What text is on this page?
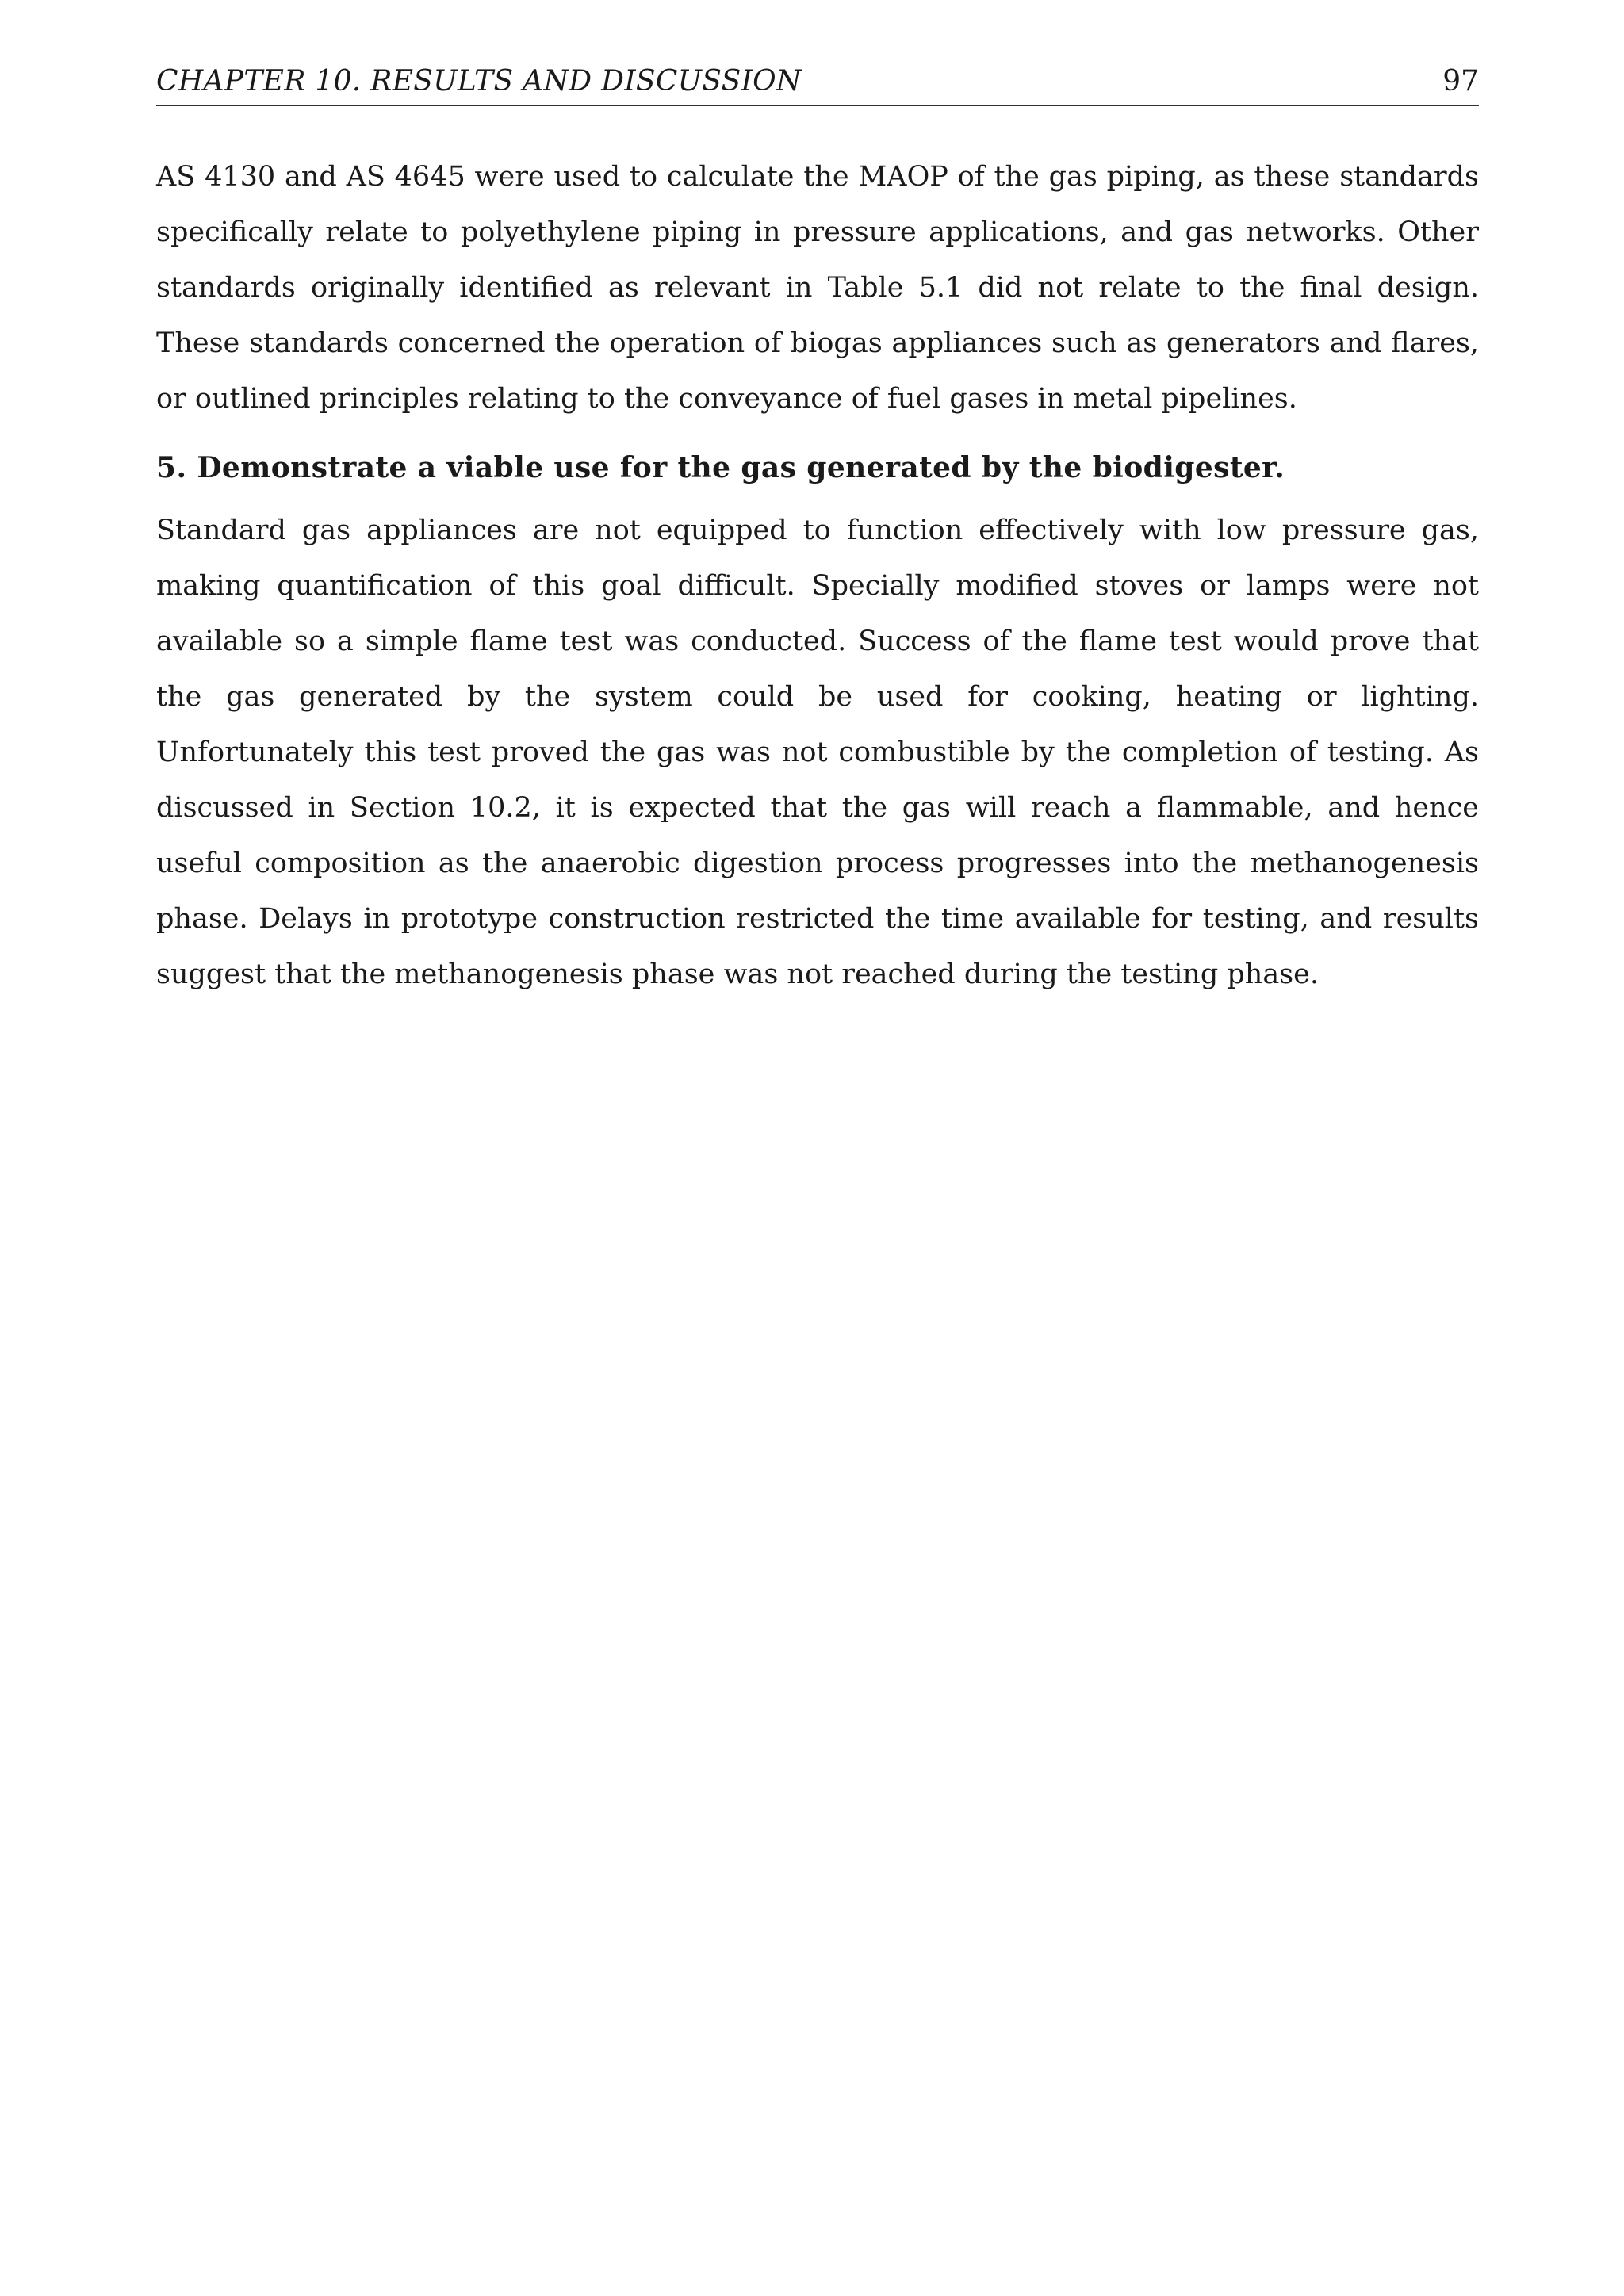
CHAPTER 10. RESULTS AND DISCUSSION	97

AS 4130 and AS 4645 were used to calculate the MAOP of the gas piping, as these standards specifically relate to polyethylene piping in pressure applications, and gas networks. Other standards originally identified as relevant in Table 5.1 did not relate to the final design. These standards concerned the operation of biogas appliances such as generators and flares, or outlined principles relating to the conveyance of fuel gases in metal pipelines.

5. Demonstrate a viable use for the gas generated by the biodigester.

Standard gas appliances are not equipped to function effectively with low pressure gas, making quantification of this goal difficult. Specially modified stoves or lamps were not available so a simple flame test was conducted. Success of the flame test would prove that the gas generated by the system could be used for cooking, heating or lighting. Unfortunately this test proved the gas was not combustible by the completion of testing. As discussed in Section 10.2, it is expected that the gas will reach a flammable, and hence useful composition as the anaerobic digestion process progresses into the methanogenesis phase. Delays in prototype construction restricted the time available for testing, and results suggest that the methanogenesis phase was not reached during the testing phase.
